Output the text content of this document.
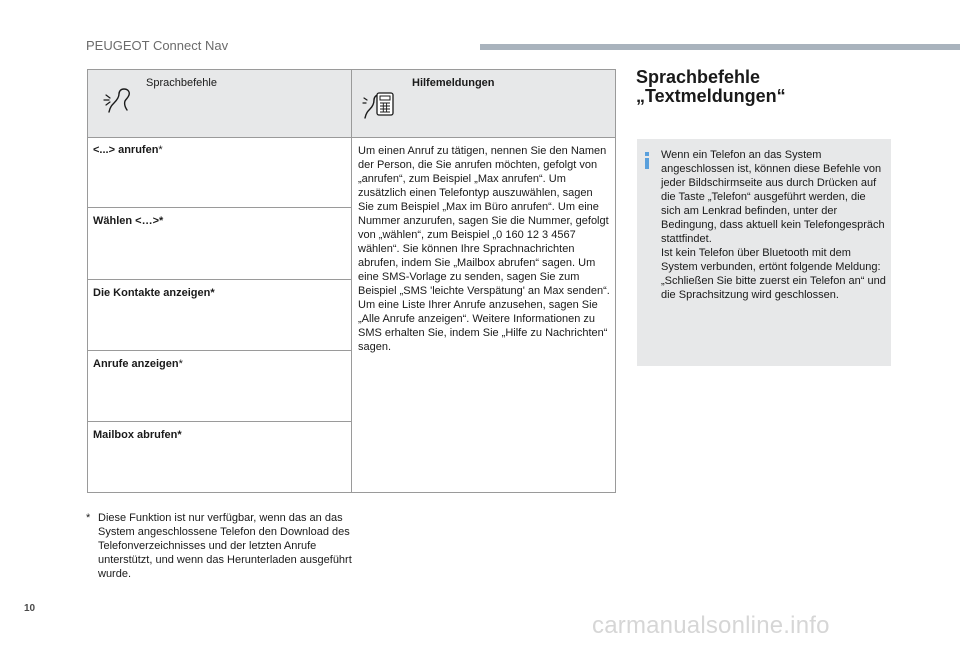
PEUGEOT Connect Nav
Sprachbefehle	Hilfemeldungen
<...> anrufen*
Wählen <…>*
Die Kontakte anzeigen*
Anrufe anzeigen*
Mailbox abrufen*
Um einen Anruf zu tätigen, nennen Sie den Namen der Person, die Sie anrufen möchten, gefolgt von „anrufen“, zum Beispiel „Max anrufen“. Um zusätzlich einen Telefontyp auszuwählen, sagen Sie zum Beispiel „Max im Büro anrufen“. Um eine Nummer anzurufen, sagen Sie die Nummer, gefolgt von „wählen“, zum Beispiel „0 160 12 3 4567 wählen“. Sie können Ihre Sprachnachrichten abrufen, indem Sie „Mailbox abrufen“ sagen. Um eine SMS-Vorlage zu senden, sagen Sie zum Beispiel „SMS 'leichte Verspätung' an Max senden“. Um eine Liste Ihrer Anrufe anzusehen, sagen Sie „Alle Anrufe anzeigen“. Weitere Informationen zu SMS erhalten Sie, indem Sie „Hilfe zu Nachrichten“ sagen.
* Diese Funktion ist nur verfügbar, wenn das an das System angeschlossene Telefon den Download des Telefonverzeichnisses und der letzten Anrufe unterstützt, und wenn das Herunterladen ausgeführt wurde.
Sprachbefehle
„Textmeldungen“
Wenn ein Telefon an das System angeschlossen ist, können diese Befehle von jeder Bildschirmseite aus durch Drücken auf die Taste „Telefon“ ausgeführt werden, die sich am Lenkrad befinden, unter der Bedingung, dass aktuell kein Telefongespräch stattfindet.
Ist kein Telefon über Bluetooth mit dem System verbunden, ertönt folgende Meldung: „Schließen Sie bitte zuerst ein Telefon an“ und die Sprachsitzung wird geschlossen.
10
carmanualsonline.info
